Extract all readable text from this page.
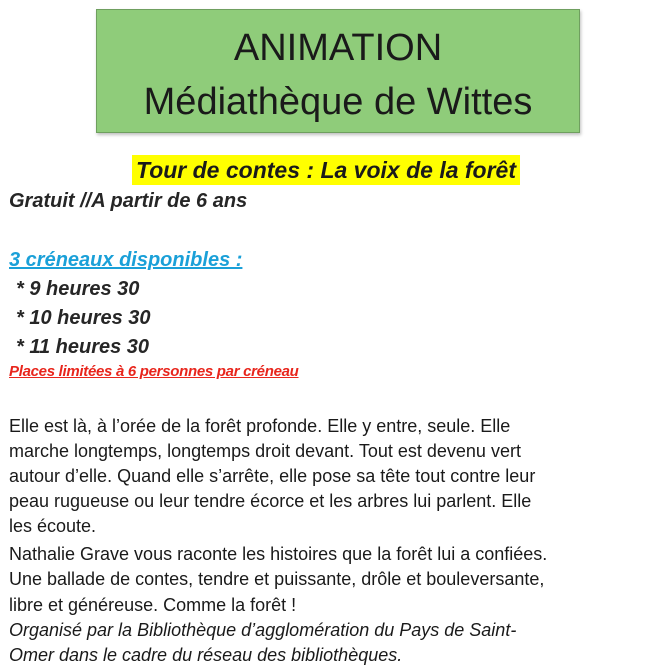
ANIMATION
Médiathèque de Wittes
Tour de contes : La voix de la forêt
Gratuit //A partir de 6 ans
3 créneaux disponibles :
* 9 heures 30
* 10 heures 30
* 11 heures 30
Places limitées à 6 personnes par créneau
Elle est là, à l’orée de la forêt profonde. Elle y entre, seule. Elle
marche longtemps, longtemps droit devant. Tout est devenu vert
autour d’elle. Quand elle s’arrête, elle pose sa tête tout contre leur
peau rugueuse ou leur tendre écorce et les arbres lui parlent. Elle
les écoute.
Nathalie Grave vous raconte les histoires que la forêt lui a confiées.
Une ballade de contes, tendre et puissante, drôle et bouleversante,
libre et généreuse. Comme la forêt !
Organisé par la Bibliothèque d’agglomération du Pays de Saint-
Omer dans le cadre du réseau des bibliothèques.
